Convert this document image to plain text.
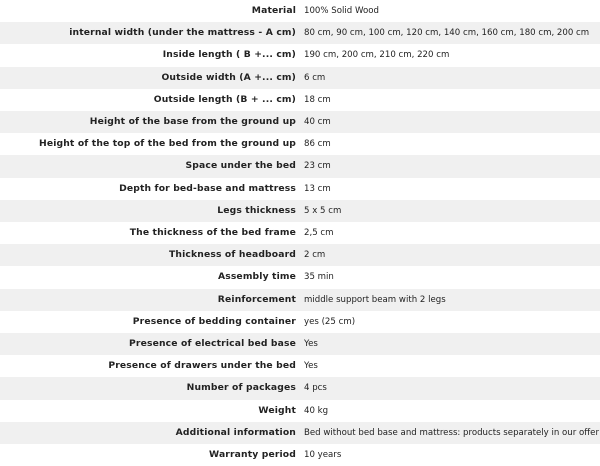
Material	100% Solid Wood
internal width (under the mattress - A cm)	80 cm, 90 cm, 100 cm, 120 cm, 140 cm, 160 cm, 180 cm, 200 cm
Inside length ( B +... cm)	190 cm, 200 cm, 210 cm, 220 cm
Outside width (A +... cm)	6 cm
Outside length (B + ... cm)	18 cm
Height of the base from the ground up	40 cm
Height of the top of the bed from the ground up	86 cm
Space under the bed	23 cm
Depth for bed-base and mattress	13 cm
Legs thickness	5 x 5 cm
The thickness of the bed frame	2,5 cm
Thickness of headboard	2 cm
Assembly time	35 min
Reinforcement	middle support beam with 2 legs
Presence of bedding container	yes (25 cm)
Presence of electrical bed base	Yes
Presence of drawers under the bed	Yes
Number of packages	4 pcs
Weight	40 kg
Additional information	Bed without bed base and mattress: products separately in our offer
Warranty period	10 years
